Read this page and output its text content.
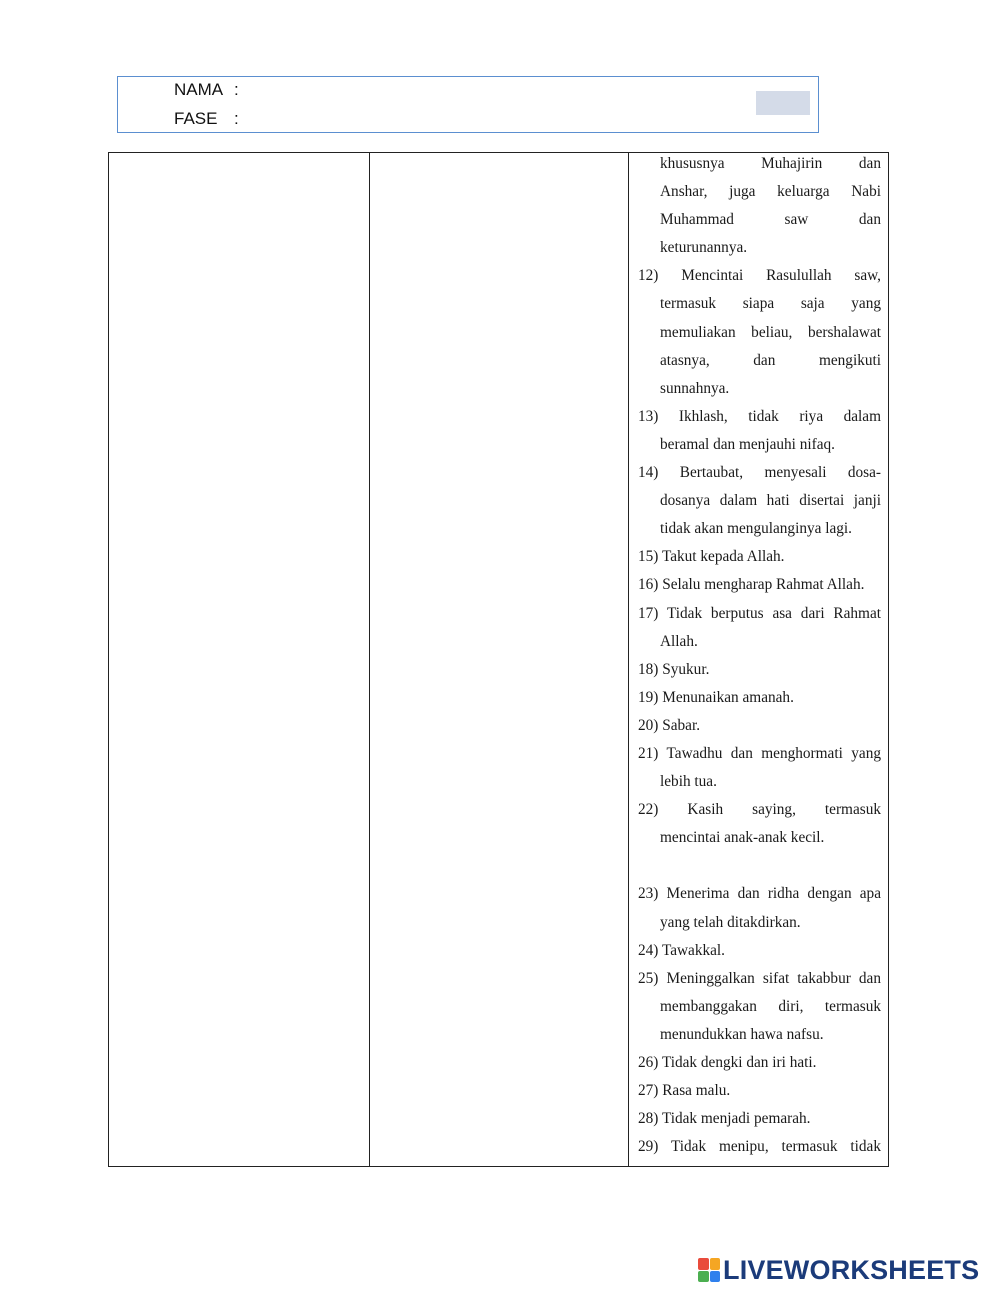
NAMA :
FASE :
khususnya Muhajirin dan
Anshar, juga keluarga Nabi
Muhammad saw dan
keturunannya.
12) Mencintai Rasulullah saw,
termasuk siapa saja yang
memuliakan beliau, bershalawat
atasnya, dan mengikuti
sunnahnya.
13) Ikhlash, tidak riya dalam
beramal dan menjauhi nifaq.
14) Bertaubat, menyesali dosa-
dosanya dalam hati disertai janji
tidak akan mengulanginya lagi.
15) Takut kepada Allah.
16) Selalu mengharap Rahmat Allah.
17) Tidak berputus asa dari Rahmat
Allah.
18) Syukur.
19) Menunaikan amanah.
20) Sabar.
21) Tawadhu dan menghormati yang
lebih tua.
22) Kasih saying, termasuk
mencintai anak-anak kecil.
23) Menerima dan ridha dengan apa
yang telah ditakdirkan.
24) Tawakkal.
25) Meninggalkan sifat takabbur dan
membanggakan diri, termasuk
menundukkan hawa nafsu.
26) Tidak dengki dan iri hati.
27) Rasa malu.
28) Tidak menjadi pemarah.
29) Tidak menipu, termasuk tidak
LIVEWORKSHEETS
